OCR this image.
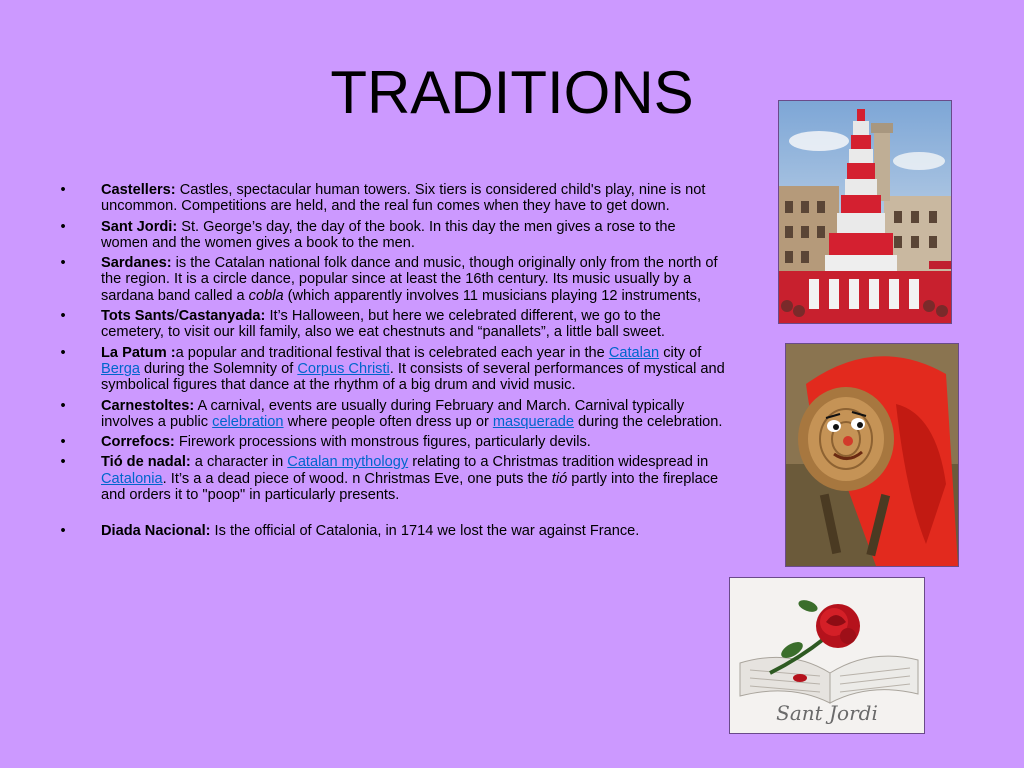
TRADITIONS
•	Castellers: Castles, spectacular human towers. Six tiers is considered child's play, nine is not uncommon. Competitions are held, and the real fun comes when they have to get down.
•	Sant Jordi: St. George’s day, the day of the book. In this day the men gives a rose to the women and the women gives a book to the men.
•	Sardanes: is the Catalan national folk dance and music, though originally only from the north of the region. It is a circle dance, popular since at least the 16th century. Its music usually by a sardana band called a cobla (which apparently involves 11 musicians playing 12 instruments,
•	Tots Sants/Castanyada: It’s Halloween, but here we celebrated different, we go to the cemetery, to visit our kill family, also we eat chestnuts and “panallets”, a little ball sweet.
•	La Patum :a popular and traditional festival that is celebrated each year in the Catalan city of Berga during the Solemnity of Corpus Christi. It consists of several performances of mystical and symbolical figures that dance at the rhythm of a big drum and vivid music.
•	Carnestoltes: A carnival, events are usually during February and March. Carnival typically involves a public celebration where people often dress up or masquerade during the celebration.
•	Correfocs: Firework processions with monstrous figures, particularly devils.
•	Tió de nadal: a character in Catalan mythology relating to a Christmas tradition widespread in Catalonia. It’s a a dead piece of wood. n Christmas Eve, one puts the tió partly into the fireplace and orders it to "poop" in particularly presents.
•	Diada Nacional: Is the official of Catalonia, in 1714 we lost the war against France.
Sant Jordi
